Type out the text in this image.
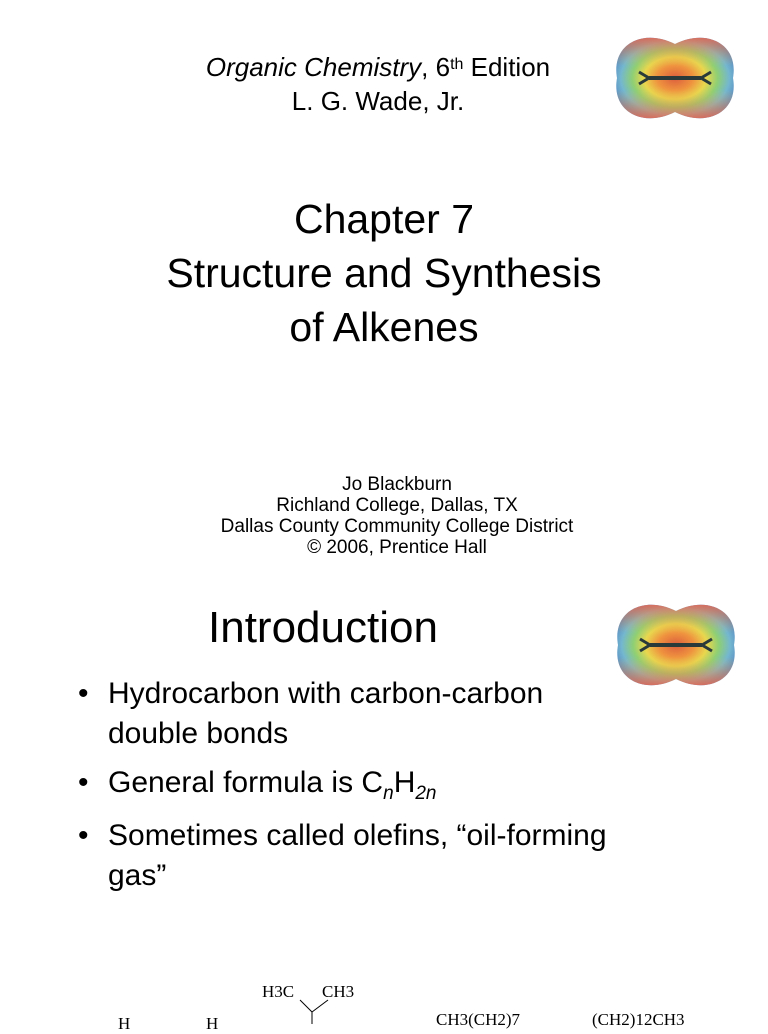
Organic Chemistry, 6th Edition
L. G. Wade, Jr.
Chapter 7
Structure and Synthesis
of Alkenes
Jo Blackburn
Richland College, Dallas, TX
Dallas County Community College District
© 2006, Prentice Hall
Introduction
• Hydrocarbon with carbon-carbon double bonds
• General formula is $C_nH_{2n}$
• Sometimes called olefins, “oil-forming gas”
H	H
H3C CH3
CH3(CH2)7	(CH2)12CH3
